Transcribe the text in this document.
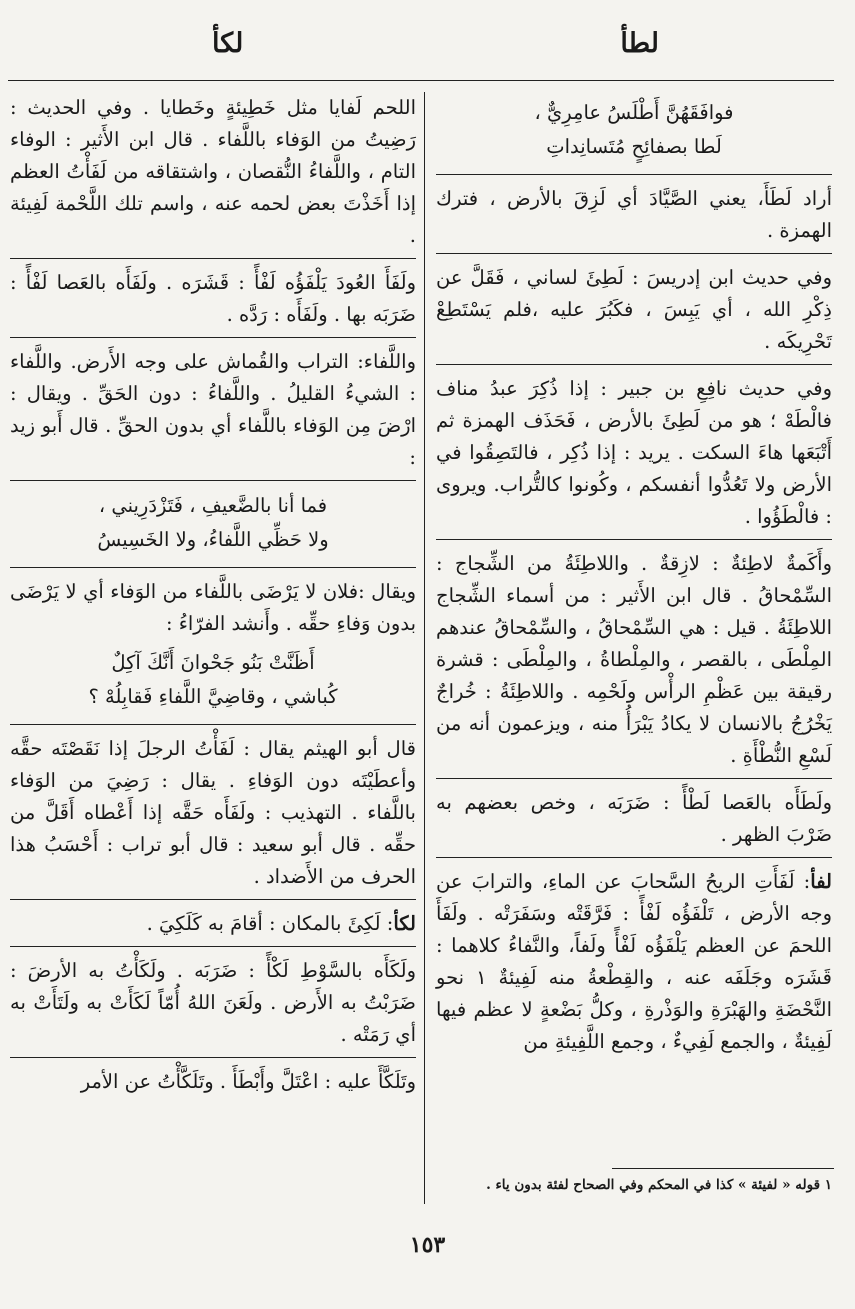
لطأ
لكأ
فوافَقَهُنَّ أَطْلَسُ عامِرِيٌّ ،
لَطا بصفائِحٍ مُتَسانِداتِ

أراد لَطَأَ، يعني الصَّيَّادَ أي لَزِقَ بالأرض ، فترك الهمزة .

وفي حديث ابن إدريسَ : لَطِئَ لساني ، فَقَلَّ عن ذِكْرِ الله ، أي يَبِسَ ، فكَبُرَ عليه ،فلم يَسْتَطِعْ تَحْرِيكَه .

وفي حديث نافِعِ بن جبير : إذا ذُكِرَ عبدُ مناف فالْطَهْ ؛ هو من لَطِئَ بالأرض ، فَحَذَف الهمزة ثم أَتْبَعَها هاءَ السكت . يريد : إذا ذُكِر ، فالتَصِقُوا في الأرض ولا تَعُدُّوا أنفسكم ، وكُونوا كالتُّراب. ويروى : فالْطَؤُوا .

وأَكَمةٌ لاطِئةٌ : لازِقةٌ . واللاطِئَةُ من الشِّجاج : السِّمْحاقُ . قال ابن الأَثير : من أسماء الشِّجاج اللاطِئَةُ . قيل : هي السِّمْحاقُ ، والسِّمْحاقُ عندهم المِلْطَى ، بالقصر ، والمِلْطاةُ ، والمِلْطَى : قشرة رقيقة بين عَظْمِ الرأْس ولَحْمِه . واللاطِئَةُ : خُراجٌ يَخْرُجُ بالانسان لا يكادُ يَبْرَأُ منه ، ويزعمون أنه من لَسْعِ النُّطْأَةِ .

ولَطَأَه بالعَصا لَطْأً : ضَرَبَه ، وخص بعضهم به ضَرْبَ الظهر .

لفأ: لَفَأَتِ الريحُ السَّحابَ عن الماءِ، والترابَ عن وجه الأرض ، تَلْفَؤُه لَفْأً : فَرَّقَتْه وسَفَرَتْه . ولَفَأَ اللحمَ عن العظم يَلْفَؤُه لَفْأً ولَفاً، والنَّفاءُ كلاهما : قَشَرَه وجَلَفَه عنه ، والقِطْعةُ منه لَفِيئةٌ ١ نحو النَّحْضَةِ والهَبْرَةِ والوَذْرةِ ، وكلُّ بَضْعةٍ لا عظم فيها لَفِيئةٌ ، والجمع لَفِيءٌ ، وجمع اللَّفِيئةِ من

١ قوله « لفيئة » كذا في المحكم وفي الصحاح لفئة بدون ياء .

اللحم لَفايا مثل خَطِيئةٍ وخَطايا . وفي الحديث : رَضِيتُ من الوَفاء باللَّفاء . قال ابن الأَثير : الوفاء التام ، واللَّفاءُ النُّقصان ، واشتقاقه من لَفَأْتُ العظم إذا أَخَذْتَ بعض لحمه عنه ، واسم تلك اللَّحْمة لَفِيئة .

ولَفَأَ العُودَ يَلْفَؤُه لَفْأً : قَشَرَه . ولَفَأَه بالعَصا لَفْأً : ضَرَبَه بها . ولَفَأَه : رَدَّه .

واللَّفاء: التراب والقُماش على وجه الأَرض. واللَّفاء : الشيءُ القليلُ . واللَّفاءُ : دون الحَقِّ . ويقال : ارْضَ مِن الوَفاء باللَّفاء أي بدون الحقِّ . قال أَبو زيد :

فما أنا بالضَّعيفِ ، فَتَزْدَرِيني ،
ولا حَظِّي اللَّفاءُ، ولا الخَسِيسُ

ويقال :فلان لا يَرْضَى باللَّفاء من الوَفاء أي لا يَرْضَى بدون وَفاءِ حقِّه . وأَنشد الفرّاءُ :

أَظَنَّتْ بَنُو جَحْوانَ أَنَّكَ آكِلٌ
كُباشي ، وقاضِيَّ اللَّفاءِ فَقابِلُهْ ؟

قال أبو الهيثم يقال : لَفَأْتُ الرجلَ إذا نَقَصْتَه حقَّه وأعطَيْتَه دون الوَفاءِ . يقال : رَضِيَ من الوَفاء باللَّفاء . التهذيب : ولَفَأَه حَقَّه إذا أَعْطاه أَقَلَّ من حقِّه . قال أبو سعيد : قال أبو تراب : أَحْسَبُ هذا الحرف من الأَضداد .

لكأ: لَكِئَ بالمكان : أقامَ به كَلَكِيَ .

ولَكَأَه بالسَّوْطِ لَكْأً : ضَرَبَه . ولَكَأْتُ به الأرضَ : ضَرَبْتُ به الأَرض . ولَعَنَ اللهُ أُمّاً لَكَأَتْ به ولَتَأَتْ به أي رَمَتْه .

وتَلَكَّأَ عليه : اعْتَلَّ وأَبْطَأَ . وتَلَكَّأْتُ عن الأمر

١٥٣
